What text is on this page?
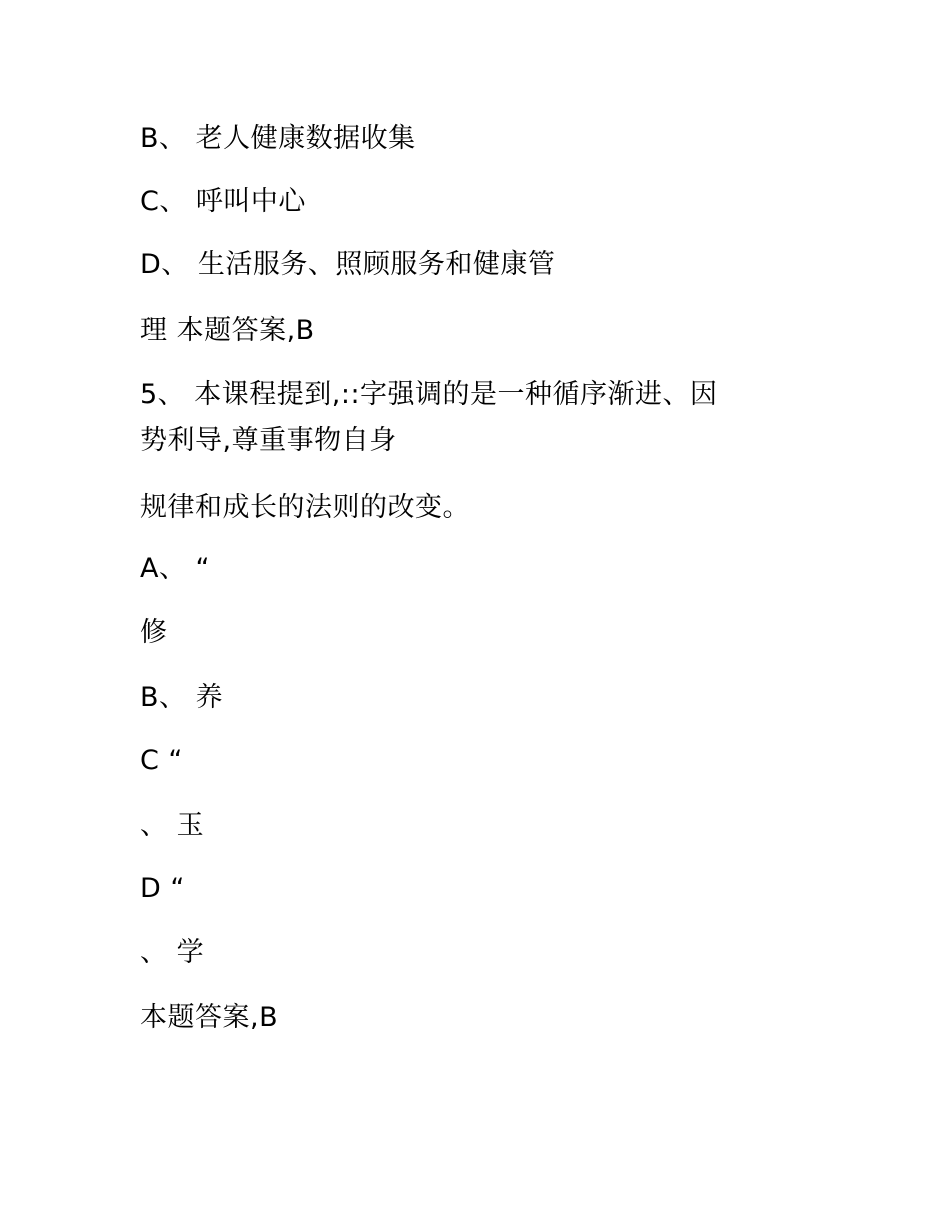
B、 老人健康数据收集
C、 呼叫中心
D、 生活服务、照顾服务和健康管
理 本题答案,B
5、 本课程提到,::字强调的是一种循序渐进、因
势利导,尊重事物自身
规律和成长的法则的改变。
A、 “
修
B、 养
C “
、 玉
D “
、 学
本题答案,B
